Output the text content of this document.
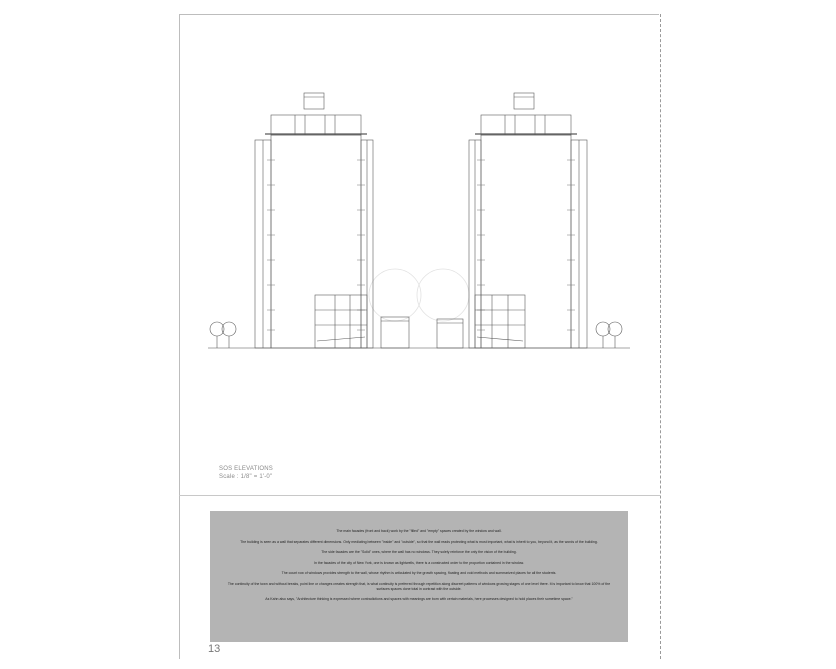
SOS ELEVATIONS
Scale : 1/8" = 1'-0"

The main facades (front and back) work by the "filled" and "empty" spaces created by the window and wall.

The building is seen as a wall that separates different dimensions. Only mediating between "inside" and "outside", so that the wall reads protecting what is most important, what is inherit to you, beyond it, as the words of the building.

The side facades are the "Solid" ones, where the wall has no windows. They solely reinforce the only the vision of the building.

In the facades of the city of New York, one is known as lightwells, there is a constructed order to the proportion contained in the window.

The count row of windows provides strength to the wall, whose rhythm is articulated by the growth spacing, floating and void methods and summarized places for all the students.

The continuity of the town and without breaks, point line or changes creates strength that, is what continuity is preferred through repetition along discreet patterns of windows growing stages of one level there. It is important to know that 100% of the surfaces spaces done total in contrast with the outside.

As Kahn also says, "Architecture thinking is expressed where contradictions and spaces with meanings are born with certain materials, here processes designed to hold places their sometime space."

13
